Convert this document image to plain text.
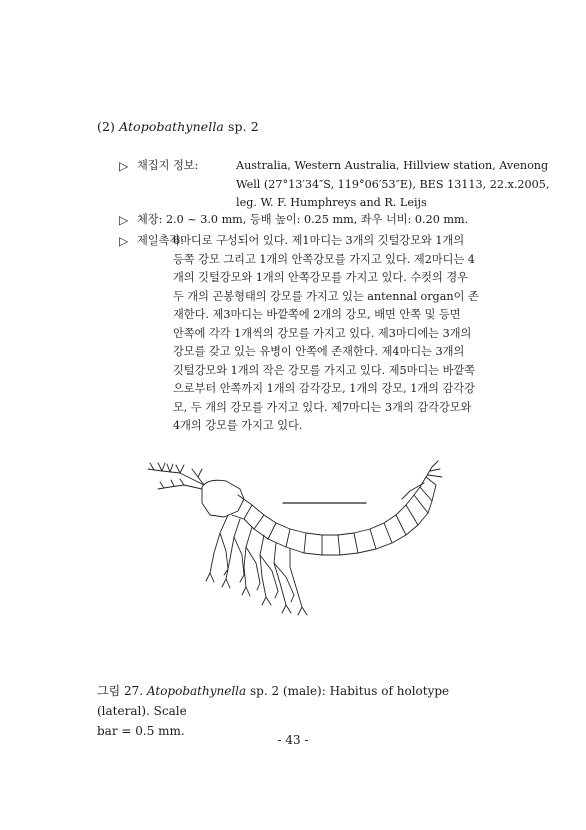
(2) Atopobathynella sp. 2
▷ 채집지 정보:	Australia, Western Australia, Hillview station, Avenong
Well (27°13′34″S, 119°06′53″E), BES 13113, 22.x.2005,
leg. W. F. Humphreys and R. Leijs
▷ 체장: 2.0 ~ 3.0 mm, 등배 높이: 0.25 mm, 좌우 너비: 0.20 mm.
▷ 제일촉각:
6마디로 구성되어 있다. 제1마디는 3개의 깃털강모와 1개의
등쪽 강모 그리고 1개의 안쪽강모를 가지고 있다. 제2마디는 4
개의 깃털강모와 1개의 안쪽강모를 가지고 있다. 수컷의 경우
두 개의 곤봉형태의 강모를 가지고 있는 antennal organ이 존
재한다. 제3마디는 바깥쪽에 2개의 강모, 배면 안쪽 및 등면
안쪽에 각각 1개씩의 강모를 가지고 있다. 제3마디에는 3개의
강모를 갖고 있는 유병이 안쪽에 존재한다. 제4마디는 3개의
깃털강모와 1개의 작은 강모를 가지고 있다. 제5마디는 바깥쪽
으로부터 안쪽까지 1개의 감각강모, 1개의 강모, 1개의 감각강
모, 두 개의 강모를 가지고 있다. 제7마디는 3개의 감각강모와
4개의 강모를 가지고 있다.
그림 27. Atopobathynella sp. 2 (male): Habitus of holotype (lateral). Scale
bar = 0.5 mm.
- 43 -
